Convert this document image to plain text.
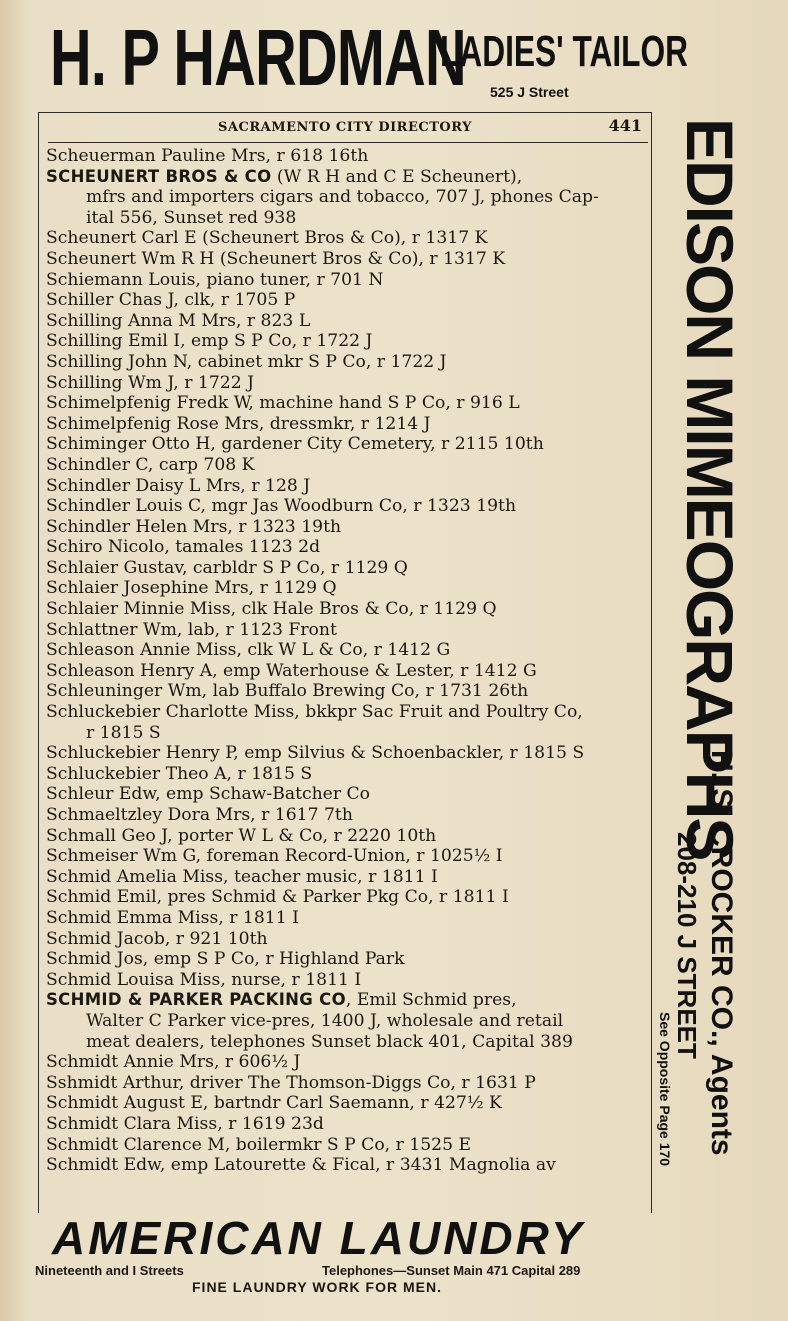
H. P HARDMAN
LADIES' TAILOR
525 J Street
SACRAMENTO CITY DIRECTORY	441
Scheuerman Pauline Mrs, r 618 16th
SCHEUNERT BROS & CO (W R H and C E Scheunert),
mfrs and importers cigars and tobacco, 707 J, phones Cap-
ital 556, Sunset red 938
Scheunert Carl E (Scheunert Bros & Co), r 1317 K
Scheunert Wm R H (Scheunert Bros & Co), r 1317 K
Schiemann Louis, piano tuner, r 701 N
Schiller Chas J, clk, r 1705 P
Schilling Anna M Mrs, r 823 L
Schilling Emil I, emp S P Co, r 1722 J
Schilling John N, cabinet mkr S P Co, r 1722 J
Schilling Wm J, r 1722 J
Schimelpfenig Fredk W, machine hand S P Co, r 916 L
Schimelpfenig Rose Mrs, dressmkr, r 1214 J
Schiminger Otto H, gardener City Cemetery, r 2115 10th
Schindler C, carp 708 K
Schindler Daisy L Mrs, r 128 J
Schindler Louis C, mgr Jas Woodburn Co, r 1323 19th
Schindler Helen Mrs, r 1323 19th
Schiro Nicolo, tamales 1123 2d
Schlaier Gustav, carbldr S P Co, r 1129 Q
Schlaier Josephine Mrs, r 1129 Q
Schlaier Minnie Miss, clk Hale Bros & Co, r 1129 Q
Schlattner Wm, lab, r 1123 Front
Schleason Annie Miss, clk W L & Co, r 1412 G
Schleason Henry A, emp Waterhouse & Lester, r 1412 G
Schleuninger Wm, lab Buffalo Brewing Co, r 1731 26th
Schluckebier Charlotte Miss, bkkpr Sac Fruit and Poultry Co,
r 1815 S
Schluckebier Henry P, emp Silvius & Schoenbackler, r 1815 S
Schluckebier Theo A, r 1815 S
Schleur Edw, emp Schaw-Batcher Co
Schmaeltzley Dora Mrs, r 1617 7th
Schmall Geo J, porter W L & Co, r 2220 10th
Schmeiser Wm G, foreman Record-Union, r 1025½ I
Schmid Amelia Miss, teacher music, r 1811 I
Schmid Emil, pres Schmid & Parker Pkg Co, r 1811 I
Schmid Emma Miss, r 1811 I
Schmid Jacob, r 921 10th
Schmid Jos, emp S P Co, r Highland Park
Schmid Louisa Miss, nurse, r 1811 I
SCHMID & PARKER PACKING CO, Emil Schmid pres,
Walter C Parker vice-pres, 1400 J, wholesale and retail
meat dealers, telephones Sunset black 401, Capital 389
Schmidt Annie Mrs, r 606½ J
Sshmidt Arthur, driver The Thomson-Diggs Co, r 1631 P
Schmidt August E, bartndr Carl Saemann, r 427½ K
Schmidt Clara Miss, r 1619 23d
Schmidt Clarence M, boilermkr S P Co, r 1525 E
Schmidt Edw, emp Latourette & Fical, r 3431 Magnolia av
EDISON MIMEOGRAPHS
H. S. CROCKER CO., Agents
208-210 J STREET
See Opposite Page 170
AMERICAN LAUNDRY
Nineteenth and I Streets	Telephones—Sunset Main 471 Capital 289
FINE LAUNDRY WORK FOR MEN.
